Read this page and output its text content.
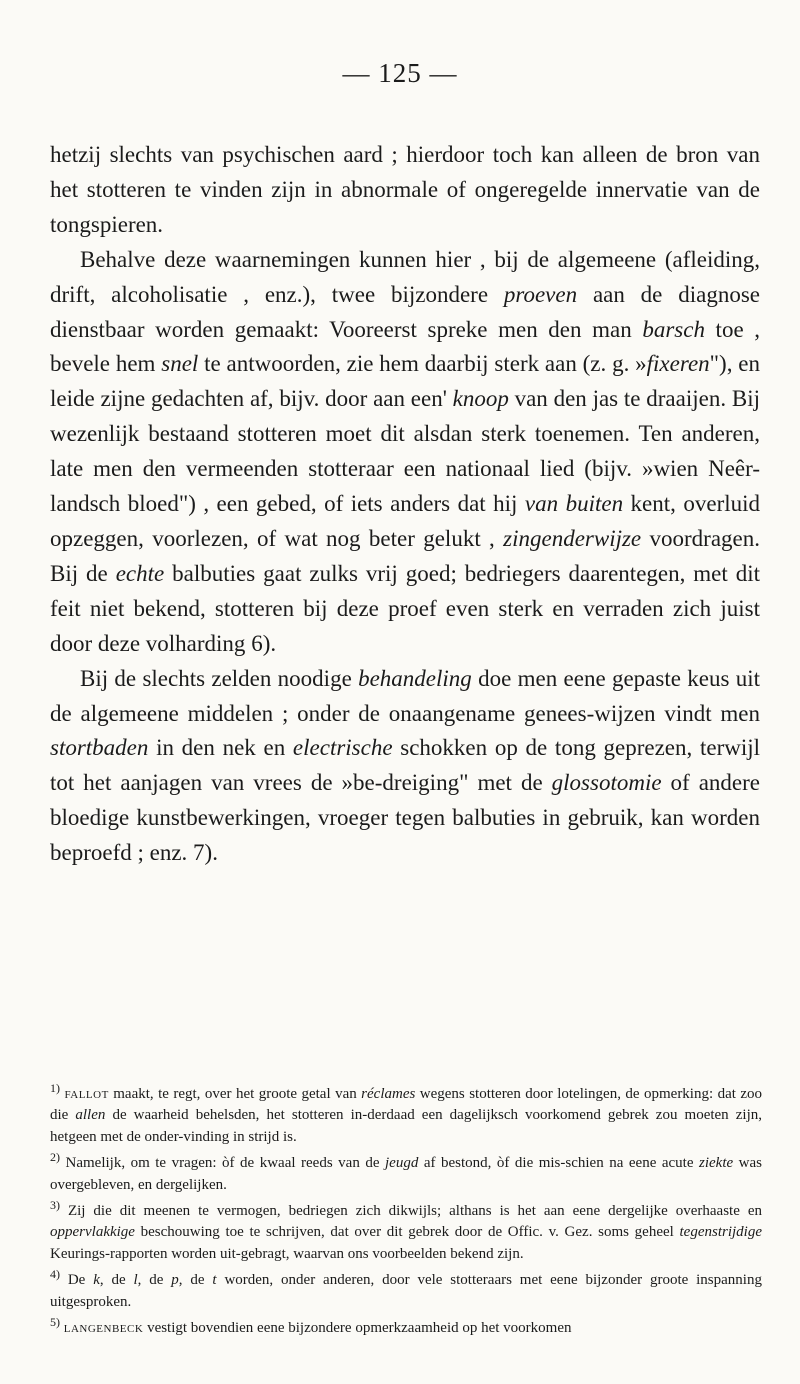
— 125 —

hetzij slechts van psychischen aard ; hierdoor toch kan alleen de bron van het stotteren te vinden zijn in abnormale of ongeregelde innervatie van de tongspieren.

Behalve deze waarnemingen kunnen hier , bij de algemeene (afleiding, drift, alcoholisatie , enz.), twee bijzondere proeven aan de diagnose dienstbaar worden gemaakt: Vooreerst spreke men den man barsch toe , bevele hem snel te antwoorden, zie hem daarbij sterk aan (z. g. »fixeren"), en leide zijne gedachten af, bijv. door aan een' knoop van den jas te draaijen. Bij wezenlijk bestaand stotteren moet dit alsdan sterk toenemen. Ten anderen, late men den vermeenden stotteraar een nationaal lied (bijv. »wien Neêr-landsch bloed") , een gebed, of iets anders dat hij van buiten kent, overluid opzeggen, voorlezen, of wat nog beter gelukt , zingenderwijze voordragen. Bij de echte balbuties gaat zulks vrij goed; bedriegers daarentegen, met dit feit niet bekend, stotteren bij deze proef even sterk en verraden zich juist door deze volharding 6).

Bij de slechts zelden noodige behandeling doe men eene gepaste keus uit de algemeene middelen ; onder de onaangename genees-wijzen vindt men stortbaden in den nek en electrische schokken op de tong geprezen, terwijl tot het aanjagen van vrees de »be-dreiging" met de glossotomie of andere bloedige kunstbewerkingen, vroeger tegen balbuties in gebruik, kan worden beproefd ; enz. 7).

$^{1)}$ fallot maakt, te regt, over het groote getal van réclames wegens stotteren door lotelingen, de opmerking: dat zoo die allen de waarheid behelsden, het stotteren in-derdaad een dagelijksch voorkomend gebrek zou moeten zijn, hetgeen met de onder-vinding in strijd is.

$^{2)}$ Namelijk, om te vragen: òf de kwaal reeds van de jeugd af bestond, òf die mis-schien na eene acute ziekte was overgebleven, en dergelijken.

$^{3)}$ Zij die dit meenen te vermogen, bedriegen zich dikwijls; althans is het aan eene dergelijke overhaaste en oppervlakkige beschouwing toe te schrijven, dat over dit gebrek door de Offic. v. Gez. soms geheel tegenstrijdige Keurings-rapporten worden uit-gebragt, waarvan ons voorbeelden bekend zijn.

$^{4)}$ De k, de l, de p, de t worden, onder anderen, door vele stotteraars met eene bijzonder groote inspanning uitgesproken.

$^{5)}$ langenbeck vestigt bovendien eene bijzondere opmerkzaamheid op het voorkomen
